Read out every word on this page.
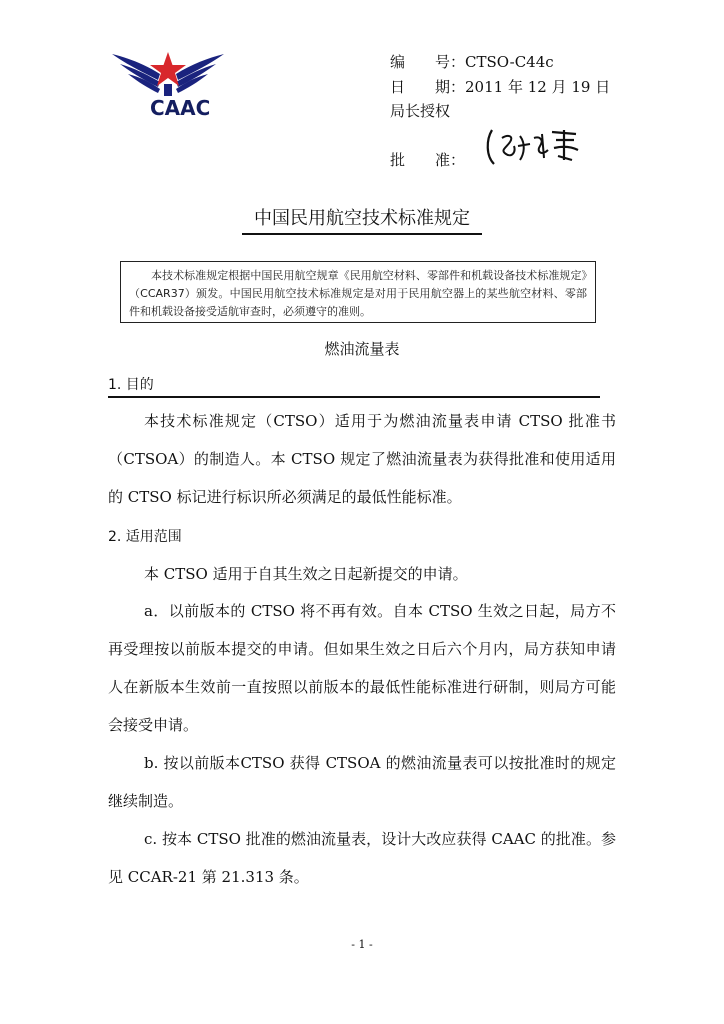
CAAC
编　　号：CTSO-C44c
日　　期：2011 年 12 月 19 日
局长授权
批　　准：
中国民用航空技术标准规定
本技术标准规定根据中国民用航空规章《民用航空材料、零部件和机载设备技术标准规定》（CCAR37）颁发。中国民用航空技术标准规定是对用于民用航空器上的某些航空材料、零部件和机载设备接受适航审查时，必须遵守的准则。
燃油流量表
1. 目的
本技术标准规定（CTSO）适用于为燃油流量表申请 CTSO 批准书（CTSOA）的制造人。本 CTSO 规定了燃油流量表为获得批准和使用适用的 CTSO 标记进行标识所必须满足的最低性能标准。
2. 适用范围
本 CTSO 适用于自其生效之日起新提交的申请。
a．以前版本的 CTSO 将不再有效。自本 CTSO 生效之日起，局方不再受理按以前版本提交的申请。但如果生效之日后六个月内，局方获知申请人在新版本生效前一直按照以前版本的最低性能标准进行研制，则局方可能会接受申请。
b. 按以前版本CTSO 获得 CTSOA 的燃油流量表可以按批准时的规定继续制造。
c. 按本 CTSO 批准的燃油流量表，设计大改应获得 CAAC 的批准。参见 CCAR-21 第 21.313 条。
- 1 -
